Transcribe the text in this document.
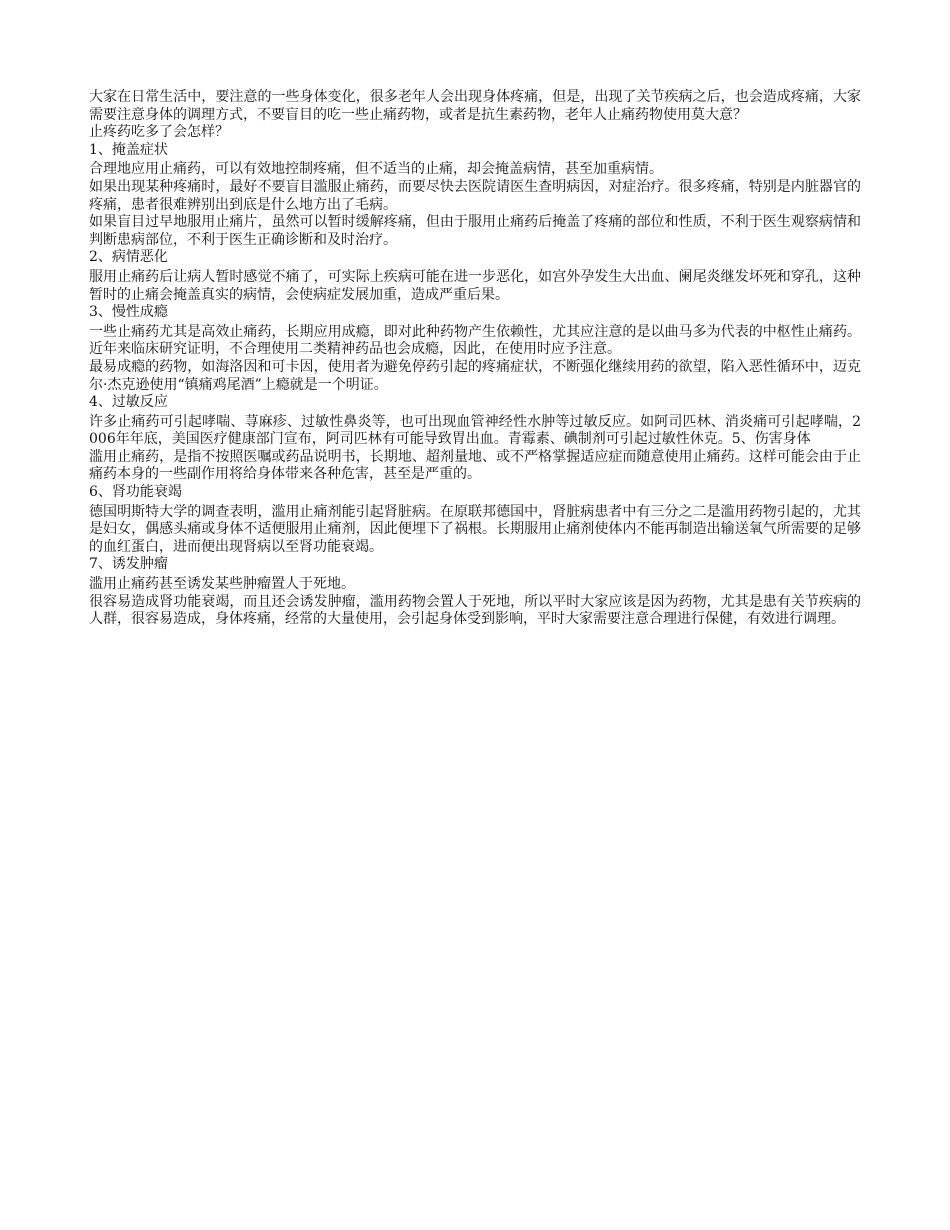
大家在日常生活中，要注意的一些身体变化，很多老年人会出现身体疼痛，但是，出现了关节疾病之后，也会造成疼痛，大家需要注意身体的调理方式，不要盲目的吃一些止痛药物，或者是抗生素药物，老年人止痛药物使用莫大意？

止疼药吃多了会怎样？

1、掩盖症状

合理地应用止痛药，可以有效地控制疼痛，但不适当的止痛，却会掩盖病情，甚至加重病情。

如果出现某种疼痛时，最好不要盲目滥服止痛药，而要尽快去医院请医生查明病因，对症治疗。很多疼痛，特别是内脏器官的疼痛，患者很难辨别出到底是什么地方出了毛病。

如果盲目过早地服用止痛片，虽然可以暂时缓解疼痛，但由于服用止痛药后掩盖了疼痛的部位和性质，不利于医生观察病情和判断患病部位，不利于医生正确诊断和及时治疗。

2、病情恶化

服用止痛药后让病人暂时感觉不痛了，可实际上疾病可能在进一步恶化，如宫外孕发生大出血、阑尾炎继发坏死和穿孔，这种暂时的止痛会掩盖真实的病情，会使病症发展加重，造成严重后果。

3、慢性成瘾

一些止痛药尤其是高效止痛药，长期应用成瘾，即对此种药物产生依赖性，尤其应注意的是以曲马多为代表的中枢性止痛药。近年来临床研究证明，不合理使用二类精神药品也会成瘾，因此，在使用时应予注意。

最易成瘾的药物，如海洛因和可卡因，使用者为避免停药引起的疼痛症状，不断强化继续用药的欲望，陷入恶性循环中，迈克尔·杰克逊使用“镇痛鸡尾酒”上瘾就是一个明证。

4、过敏反应

许多止痛药可引起哮喘、荨麻疹、过敏性鼻炎等，也可出现血管神经性水肿等过敏反应。如阿司匹林、消炎痛可引起哮喘，2006年年底，美国医疗健康部门宣布，阿司匹林有可能导致胃出血。青霉素、碘制剂可引起过敏性休克。5、伤害身体

滥用止痛药，是指不按照医嘱或药品说明书，长期地、超剂量地、或不严格掌握适应症而随意使用止痛药。这样可能会由于止痛药本身的一些副作用将给身体带来各种危害，甚至是严重的。

6、肾功能衰竭

德国明斯特大学的调查表明，滥用止痛剂能引起肾脏病。在原联邦德国中，肾脏病患者中有三分之二是滥用药物引起的，尤其是妇女，偶感头痛或身体不适便服用止痛剂，因此便埋下了祸根。长期服用止痛剂使体内不能再制造出输送氧气所需要的足够的血红蛋白，进而便出现肾病以至肾功能衰竭。

7、诱发肿瘤

滥用止痛药甚至诱发某些肿瘤置人于死地。

很容易造成肾功能衰竭，而且还会诱发肿瘤，滥用药物会置人于死地，所以平时大家应该是因为药物，尤其是患有关节疾病的人群，很容易造成，身体疼痛，经常的大量使用，会引起身体受到影响，平时大家需要注意合理进行保健，有效进行调理。
